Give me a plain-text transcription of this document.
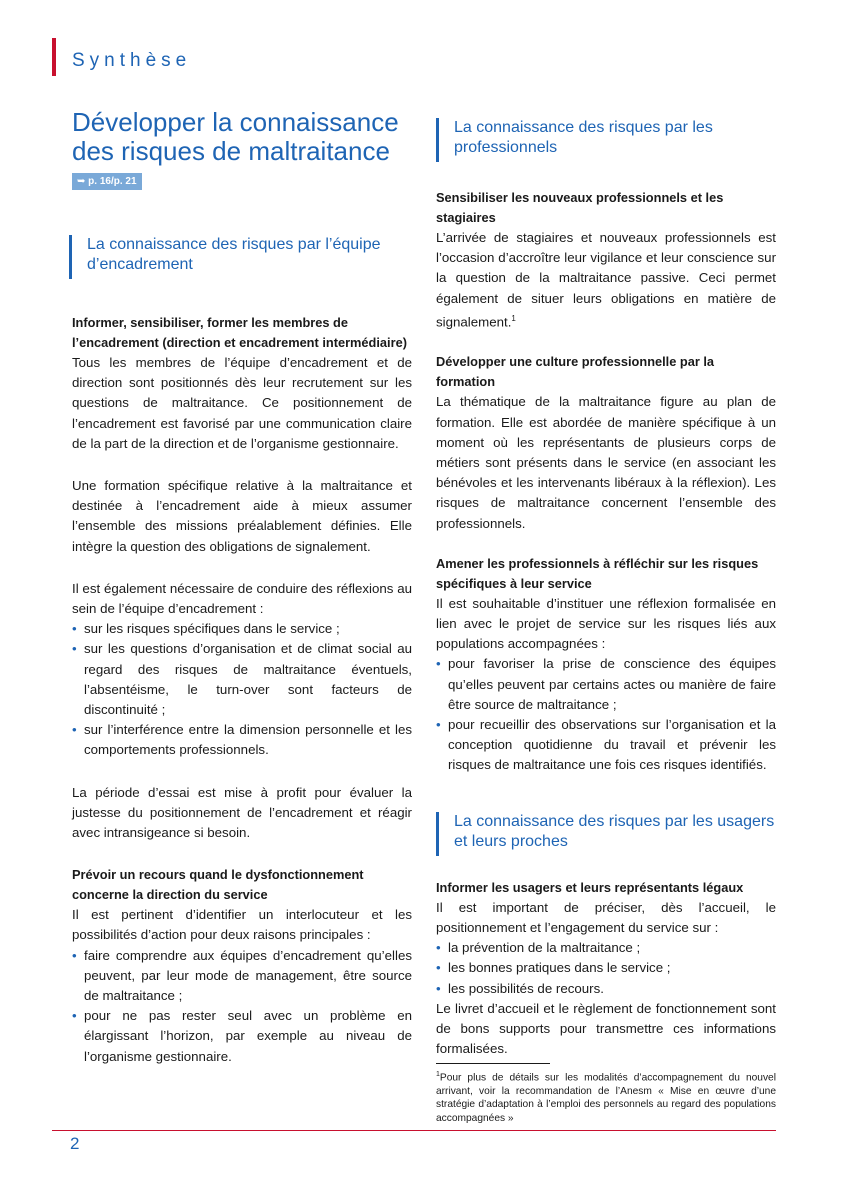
Synthèse
Développer la connaissance des risques de maltraitance
➥ p. 16/p. 21
La connaissance des risques par l’équipe d’encadrement

Informer, sensibiliser, former les membres de l’encadrement (direction et encadrement intermédiaire)

Tous les membres de l’équipe d’encadrement et de direction sont positionnés dès leur recrutement sur les questions de maltraitance. Ce positionnement de l’encadrement est favorisé par une communication claire de la part de la direction et de l’organisme gestionnaire.

Une formation spécifique relative à la maltraitance et destinée à l’encadrement aide à mieux assumer l’ensemble des missions préalablement définies. Elle intègre la question des obligations de signalement.

Il est également nécessaire de conduire des réflexions au sein de l’équipe d’encadrement :

• sur les risques spécifiques dans le service ;
• sur les questions d’organisation et de climat social au regard des risques de maltraitance éventuels, l’absentéisme, le turn-over sont facteurs de discontinuité ;
• sur l’interférence entre la dimension personnelle et les comportements professionnels.

La période d’essai est mise à profit pour évaluer la justesse du positionnement de l’encadrement et réagir avec intransigeance si besoin.

Prévoir un recours quand le dysfonctionnement concerne la direction du service

Il est pertinent d’identifier un interlocuteur et les possibilités d’action pour deux raisons principales :

• faire comprendre aux équipes d’encadrement qu’elles peuvent, par leur mode de management, être source de maltraitance ;
• pour ne pas rester seul avec un problème en élargissant l’horizon, par exemple au niveau de l’organisme gestionnaire.
La connaissance des risques par les professionnels

Sensibiliser les nouveaux professionnels et les stagiaires

L’arrivée de stagiaires et nouveaux professionnels est l’occasion d’accroître leur vigilance et leur conscience sur la question de la maltraitance passive. Ceci permet également de situer leurs obligations en matière de signalement.$^1$

Développer une culture professionnelle par la formation

La thématique de la maltraitance figure au plan de formation. Elle est abordée de manière spécifique à un moment où les représentants de plusieurs corps de métiers sont présents dans le service (en associant les bénévoles et les intervenants libéraux à la réflexion). Les risques de maltraitance concernent l’ensemble des professionnels.

Amener les professionnels à réfléchir sur les risques spécifiques à leur service

Il est souhaitable d’instituer une réflexion formalisée en lien avec le projet de service sur les risques liés aux populations accompagnées :

• pour favoriser la prise de conscience des équipes qu’elles peuvent par certains actes ou manière de faire être source de maltraitance ;
• pour recueillir des observations sur l’organisation et la conception quotidienne du travail et prévenir les risques de maltraitance une fois ces risques identifiés.
La connaissance des risques par les usagers et leurs proches

Informer les usagers et leurs représentants légaux

Il est important de préciser, dès l’accueil, le positionnement et l’engagement du service sur :

• la prévention de la maltraitance ;
• les bonnes pratiques dans le service ;
• les possibilités de recours.

Le livret d’accueil et le règlement de fonctionnement sont de bons supports pour transmettre ces informations formalisées.

$^1$Pour plus de détails sur les modalités d’accompagnement du nouvel arrivant, voir la recommandation de l’Anesm « Mise en œuvre d’une stratégie d’adaptation à l’emploi des personnels au regard des populations accompagnées »
2
